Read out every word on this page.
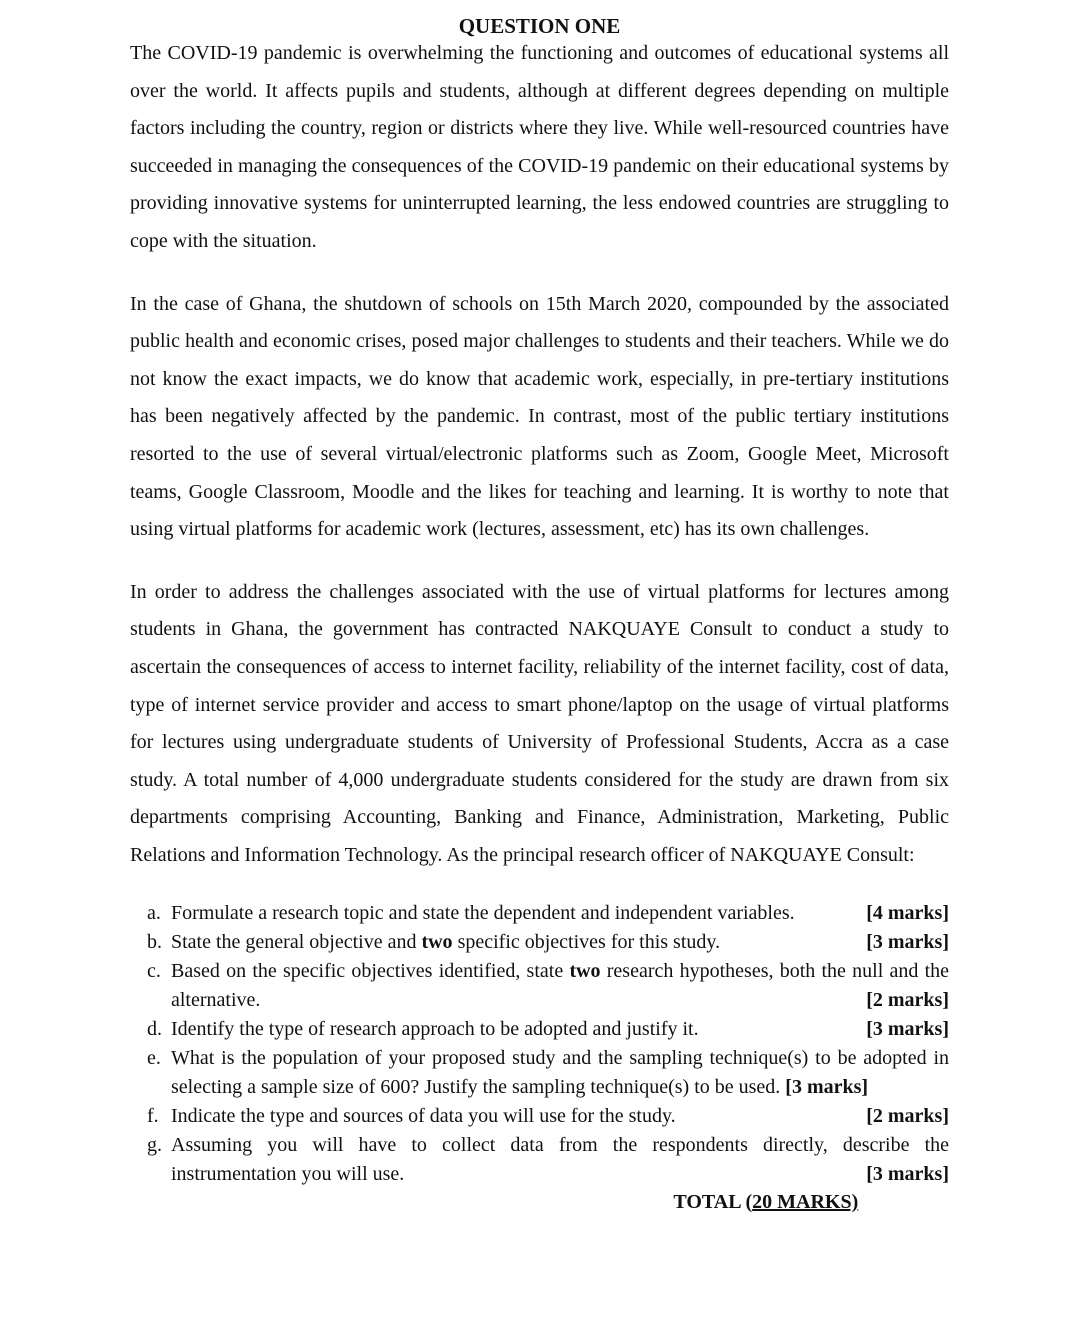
QUESTION ONE

The COVID-19 pandemic is overwhelming the functioning and outcomes of educational systems all over the world. It affects pupils and students, although at different degrees depending on multiple factors including the country, region or districts where they live. While well-resourced countries have succeeded in managing the consequences of the COVID-19 pandemic on their educational systems by providing innovative systems for uninterrupted learning, the less endowed countries are struggling to cope with the situation.

In the case of Ghana, the shutdown of schools on 15th March 2020, compounded by the associated public health and economic crises, posed major challenges to students and their teachers. While we do not know the exact impacts, we do know that academic work, especially, in pre-tertiary institutions has been negatively affected by the pandemic. In contrast, most of the public tertiary institutions resorted to the use of several virtual/electronic platforms such as Zoom, Google Meet, Microsoft teams, Google Classroom, Moodle and the likes for teaching and learning. It is worthy to note that using virtual platforms for academic work (lectures, assessment, etc) has its own challenges.

In order to address the challenges associated with the use of virtual platforms for lectures among students in Ghana, the government has contracted NAKQUAYE Consult to conduct a study to ascertain the consequences of access to internet facility, reliability of the internet facility, cost of data, type of internet service provider and access to smart phone/laptop on the usage of virtual platforms for lectures using undergraduate students of University of Professional Students, Accra as a case study. A total number of 4,000 undergraduate students considered for the study are drawn from six departments comprising Accounting, Banking and Finance, Administration, Marketing, Public Relations and Information Technology. As the principal research officer of NAKQUAYE Consult:

a.	[4 marks]
Formulate a research topic and state the dependent and independent variables.
b.	[3 marks]
State the general objective and two specific objectives for this study.
c. Based on the specific objectives identified, state two research hypotheses, both the null and the alternative.	[2 marks]
d.	[3 marks]
Identify the type of research approach to be adopted and justify it.
e. What is the population of your proposed study and the sampling technique(s) to be adopted in selecting a sample size of 600? Justify the sampling technique(s) to be used. [3 marks]
f.	[2 marks]
Indicate the type and sources of data you will use for the study.
g. Assuming you will have to collect data from the respondents directly, describe the instrumentation you will use.	[3 marks]
TOTAL (20 MARKS)
